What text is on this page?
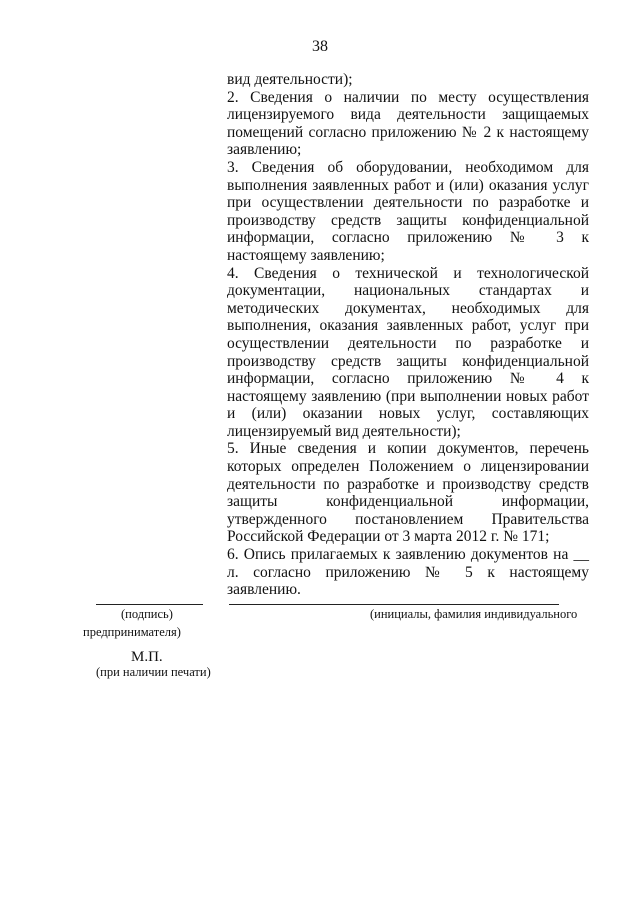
38

вид деятельности);

2. Сведения о наличии по месту осуществления лицензируемого вида деятельности защищаемых помещений согласно приложению № 2 к настоящему заявлению;

3. Сведения об оборудовании, необходимом для выполнения заявленных работ и (или) оказания услуг при осуществлении деятельности по разработке и производству средств защиты конфиденциальной информации, согласно приложению № 3 к настоящему заявлению;

4. Сведения о технической и технологической документации, национальных стандартах и методических документах, необходимых для выполнения, оказания заявленных работ, услуг при осуществлении деятельности по разработке и производству средств защиты конфиденциальной информации, согласно приложению № 4 к настоящему заявлению (при выполнении новых работ и (или) оказании новых услуг, составляющих лицензируемый вид деятельности);

5. Иные сведения и копии документов, перечень которых определен Положением о лицензировании деятельности по разработке и производству средств защиты конфиденциальной информации, утвержденного постановлением Правительства Российской Федерации от 3 марта 2012 г. № 171;

6. Опись прилагаемых к заявлению документов на __ л. согласно приложению № 5 к настоящему заявлению.

(подпись)	(инициалы, фамилия индивидуального
предпринимателя)
М.П.
(при наличии печати)
